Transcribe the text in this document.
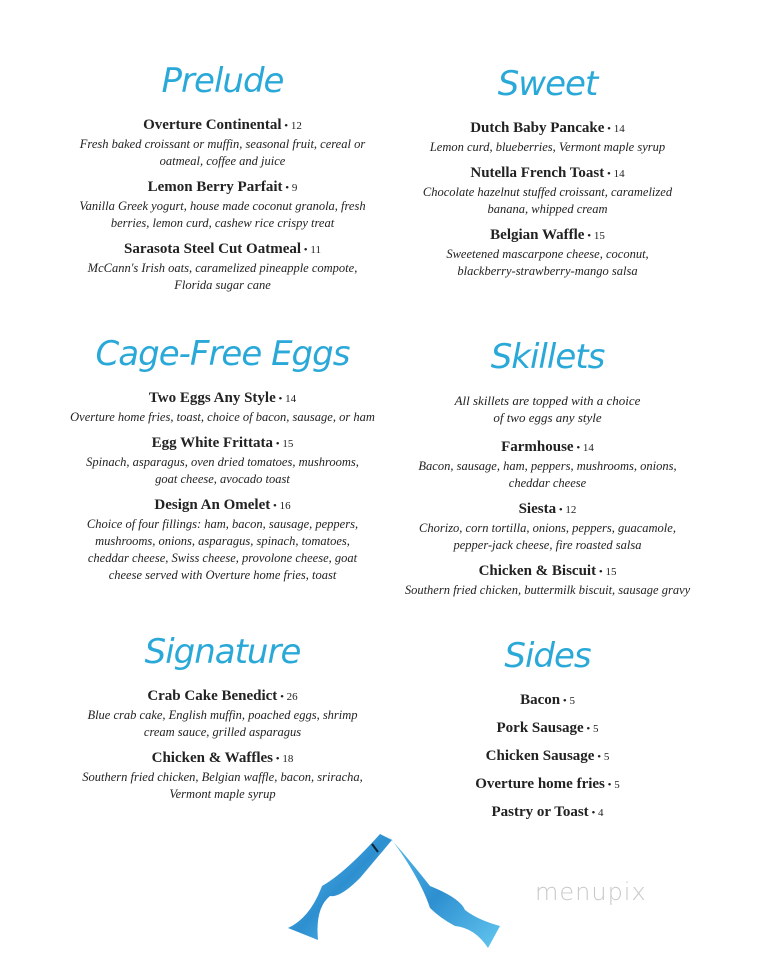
Prelude
Overture Continental • 12
Fresh baked croissant or muffin, seasonal fruit, cereal or
oatmeal, coffee and juice
Lemon Berry Parfait • 9
Vanilla Greek yogurt, house made coconut granola, fresh
berries, lemon curd, cashew rice crispy treat
Sarasota Steel Cut Oatmeal • 11
McCann's Irish oats, caramelized pineapple compote,
Florida sugar cane
Cage-Free Eggs
Two Eggs Any Style • 14
Overture home fries, toast, choice of bacon, sausage, or ham
Egg White Frittata • 15
Spinach, asparagus, oven dried tomatoes, mushrooms,
goat cheese, avocado toast
Design An Omelet • 16
Choice of four fillings: ham, bacon, sausage, peppers,
mushrooms, onions, asparagus, spinach, tomatoes,
cheddar cheese, Swiss cheese, provolone cheese, goat
cheese served with Overture home fries, toast
Signature
Crab Cake Benedict • 26
Blue crab cake, English muffin, poached eggs, shrimp
cream sauce, grilled asparagus
Chicken & Waffles • 18
Southern fried chicken, Belgian waffle, bacon, sriracha,
Vermont maple syrup
Sweet
Dutch Baby Pancake • 14
Lemon curd, blueberries, Vermont maple syrup
Nutella French Toast • 14
Chocolate hazelnut stuffed croissant, caramelized
banana, whipped cream
Belgian Waffle • 15
Sweetened mascarpone cheese, coconut,
blackberry-strawberry-mango salsa
Skillets
All skillets are topped with a choice
of two eggs any style
Farmhouse • 14
Bacon, sausage, ham, peppers, mushrooms, onions,
cheddar cheese
Siesta • 12
Chorizo, corn tortilla, onions, peppers, guacamole,
pepper-jack cheese, fire roasted salsa
Chicken & Biscuit • 15
Southern fried chicken, buttermilk biscuit, sausage gravy
Sides
Bacon • 5
Pork Sausage • 5
Chicken Sausage • 5
Overture home fries • 5
Pastry or Toast • 4
menupix
